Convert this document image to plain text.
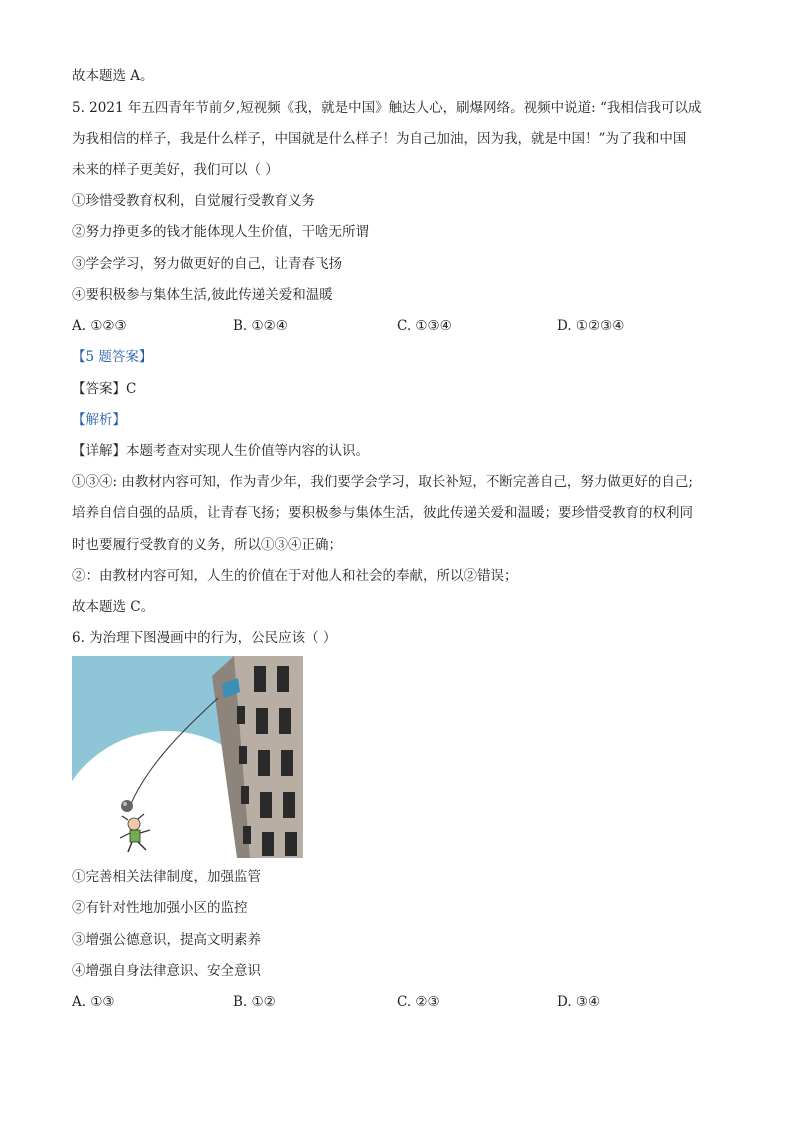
故本题选 A。
5. 2021 年五四青年节前夕,短视频《我，就是中国》触达人心，刷爆网络。视频中说道: “我相信我可以成
为我相信的样子，我是什么样子，中国就是什么样子！为自己加油，因为我，就是中国！”为了我和中国
未来的样子更美好，我们可以（ ）
①珍惜受教育权利，自觉履行受教育义务
②努力挣更多的钱才能体现人生价值，干啥无所谓
③学会学习，努力做更好的自己，让青春飞扬
④要积极参与集体生活,彼此传递关爱和温暖
A. ①②③	B. ①②④	C. ①③④	D. ①②③④
【5 题答案】
【答案】C
【解析】
【详解】本题考查对实现人生价值等内容的认识。
①③④: 由教材内容可知，作为青少年，我们要学会学习，取长补短，不断完善自己，努力做更好的自己;
培养自信自强的品质，让青春飞扬；要积极参与集体生活，彼此传递关爱和温暖；要珍惜受教育的权利同
时也要履行受教育的义务，所以①③④正确；
②：由教材内容可知，人生的价值在于对他人和社会的奉献，所以②错误；
故本题选 C。
6. 为治理下图漫画中的行为，公民应该（ ）
①完善相关法律制度，加强监管
②有针对性地加强小区的监控
③增强公德意识，提高文明素养
④增强自身法律意识、安全意识
A. ①③	B. ①②	C. ②③	D. ③④
